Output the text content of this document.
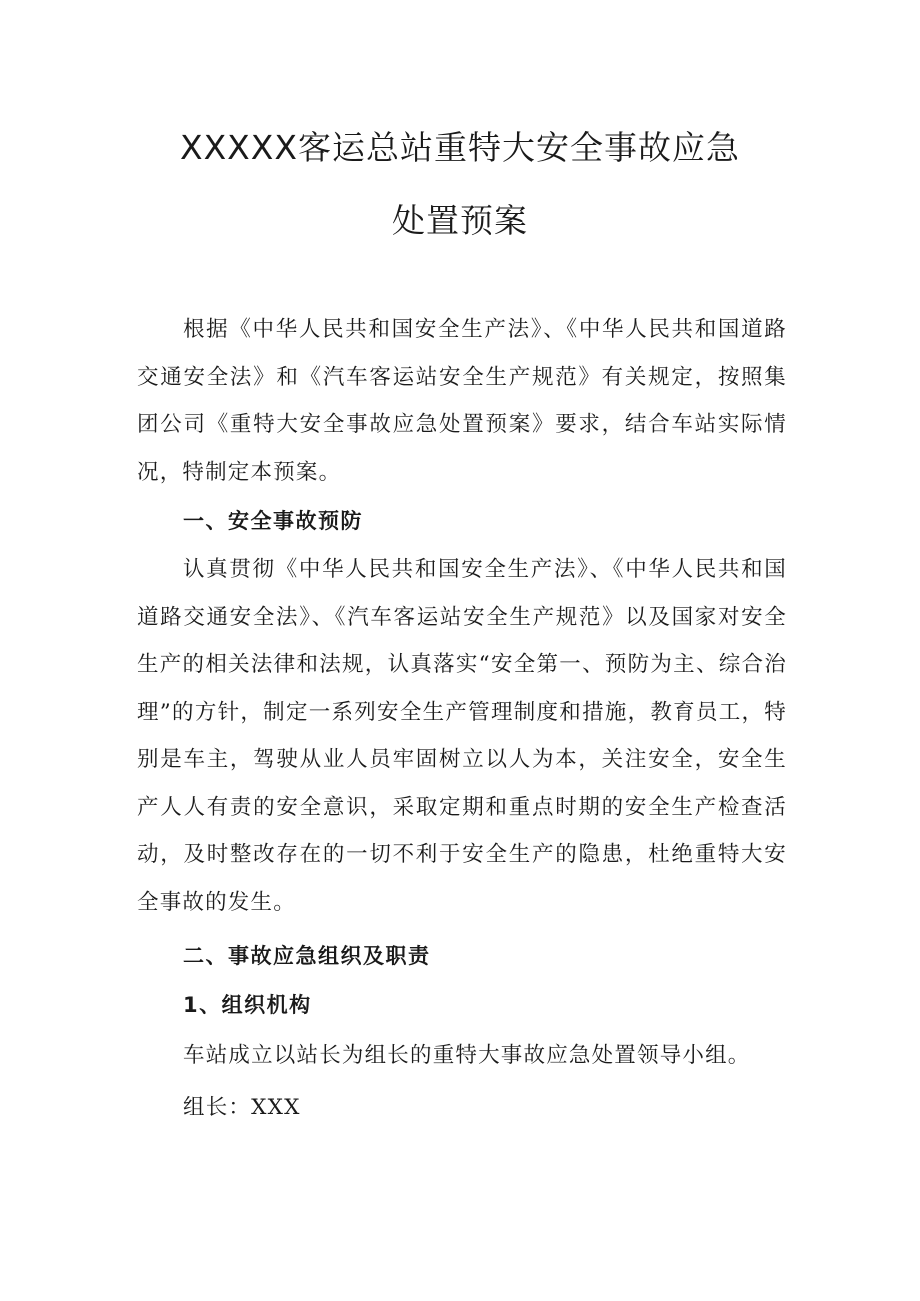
XXXXX客运总站重特大安全事故应急
处置预案

根据《中华人民共和国安全生产法》、《中华人民共和国道路交通安全法》和《汽车客运站安全生产规范》有关规定，按照集团公司《重特大安全事故应急处置预案》要求，结合车站实际情况，特制定本预案。

一、安全事故预防

认真贯彻《中华人民共和国安全生产法》、《中华人民共和国道路交通安全法》、《汽车客运站安全生产规范》以及国家对安全生产的相关法律和法规，认真落实“安全第一、预防为主、综合治理”的方针，制定一系列安全生产管理制度和措施，教育员工，特别是车主，驾驶从业人员牢固树立以人为本，关注安全，安全生产人人有责的安全意识，采取定期和重点时期的安全生产检查活动，及时整改存在的一切不利于安全生产的隐患，杜绝重特大安全事故的发生。

二、事故应急组织及职责

1、组织机构

车站成立以站长为组长的重特大事故应急处置领导小组。

组长：XXX
